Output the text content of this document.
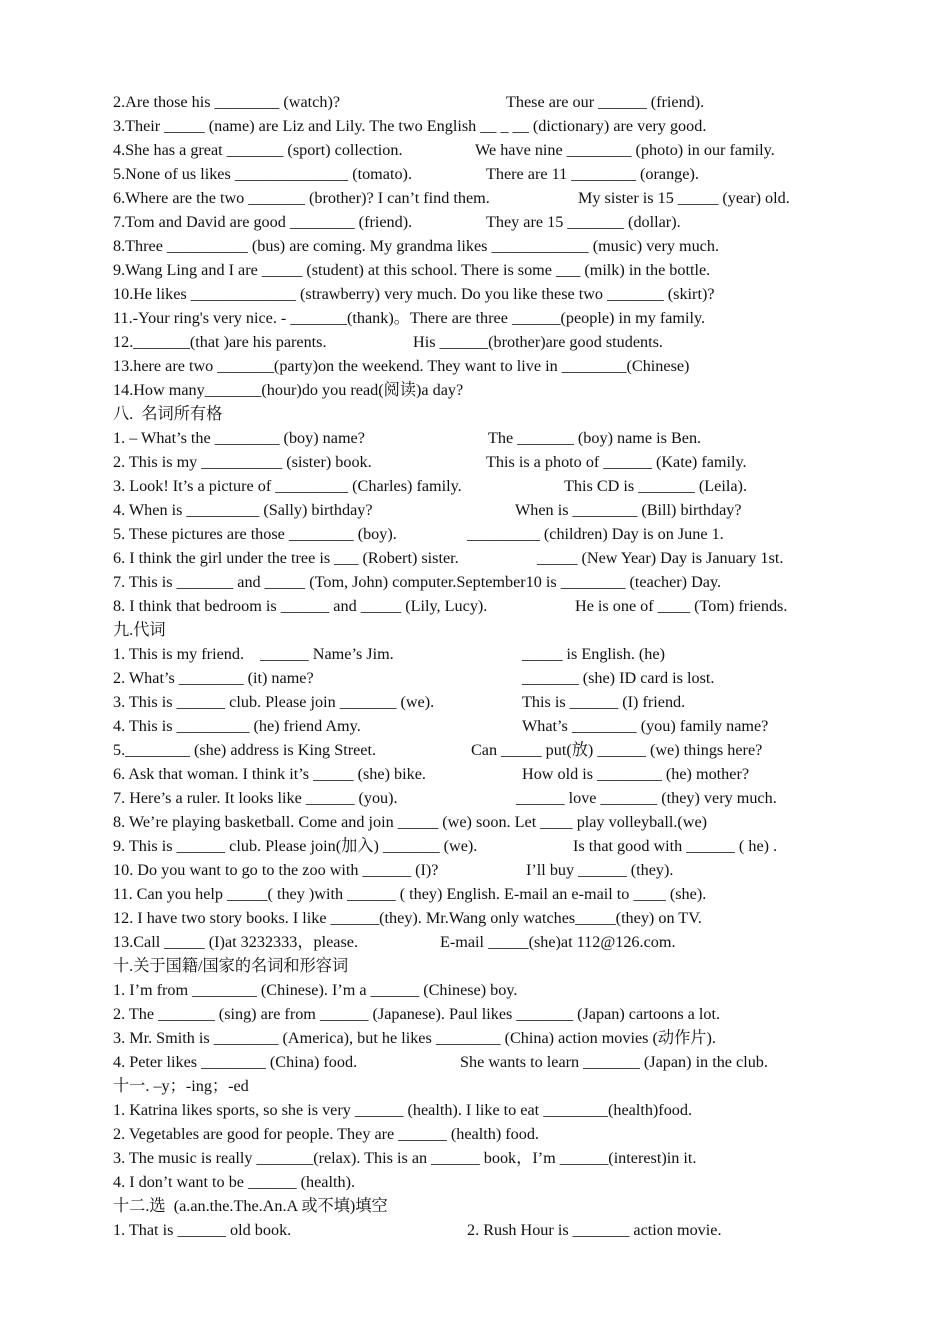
2.Are those his ________ (watch)?	These are our ______ (friend).
3.Their _____ (name) are Liz and Lily. The two English __ _ __ (dictionary) are very good.
4.She has a great _______ (sport) collection.	We have nine ________ (photo) in our family.
5.None of us likes ______________ (tomato).	There are 11 ________ (orange).
6.Where are the two _______ (brother)? I can’t find them.	My sister is 15 _____ (year) old.
7.Tom and David are good ________ (friend).	They are 15 _______ (dollar).
8.Three __________ (bus) are coming. My grandma likes ____________ (music) very much.
9.Wang Ling and I are _____ (student) at this school. There is some ___ (milk) in the bottle.
10.He likes _____________ (strawberry) very much. Do you like these two _______ (skirt)?
11.-Your ring's very nice. - _______(thank)。There are three ______(people) in my family.
12._______(that )are his parents.	His ______(brother)are good students.
13.here are two _______(party)on the weekend. They want to live in ________(Chinese)
14.How many_______(hour)do you read(阅读)a day?
八.  名词所有格
1. – What’s the ________ (boy) name?	The _______ (boy) name is Ben.
2. This is my __________ (sister) book.	This is a photo of ______ (Kate) family.
3. Look! It’s a picture of _________ (Charles) family.	This CD is _______ (Leila).
4. When is _________ (Sally) birthday?	When is ________ (Bill) birthday?
5. These pictures are those ________ (boy).	_________ (children) Day is on June 1.
6. I think the girl under the tree is ___ (Robert) sister.	_____ (New Year) Day is January 1st.
7. This is _______ and _____ (Tom, John) computer.September10 is ________ (teacher) Day.
8. I think that bedroom is ______ and _____ (Lily, Lucy).	He is one of ____ (Tom) friends.
九.代词
1. This is my friend.    ______ Name’s Jim.	_____ is English. (he)
2. What’s ________ (it) name?	_______ (she) ID card is lost.
3. This is ______ club. Please join _______ (we).	This is ______ (I) friend.
4. This is _________ (he) friend Amy.	What’s ________ (you) family name?
5.________ (she) address is King Street.	Can _____ put(放) ______ (we) things here?
6. Ask that woman. I think it’s _____ (she) bike.	How old is ________ (he) mother?
7. Here’s a ruler. It looks like ______ (you).	______ love _______ (they) very much.
8. We’re playing basketball. Come and join _____ (we) soon. Let ____ play volleyball.(we)
9. This is ______ club. Please join(加入) _______ (we).	Is that good with ______ ( he) .
10. Do you want to go to the zoo with ______ (I)?	I’ll buy ______ (they).
11. Can you help _____( they )with ______ ( they) English. E-mail an e-mail to ____ (she).
12. I have two story books. I like ______(they). Mr.Wang only watches_____(they) on TV.
13.Call _____ (I)at 3232333，please.	E-mail _____(she)at 112@126.com.
十.关于国籍/国家的名词和形容词
1. I’m from ________ (Chinese). I’m a ______ (Chinese) boy.
2. The _______ (sing) are from ______ (Japanese). Paul likes _______ (Japan) cartoons a lot.
3. Mr. Smith is ________ (America), but he likes ________ (China) action movies (动作片).
4. Peter likes ________ (China) food.	She wants to learn _______ (Japan) in the club.
十一. –y；-ing；-ed
1. Katrina likes sports, so she is very ______ (health). I like to eat ________(health)food.
2. Vegetables are good for people. They are ______ (health) food.
3. The music is really _______(relax). This is an ______ book，I’m ______(interest)in it.
4. I don’t want to be ______ (health).
十二.选  (a.an.the.The.An.A 或不填)填空
1. That is ______ old book.	2. Rush Hour is _______ action movie.
